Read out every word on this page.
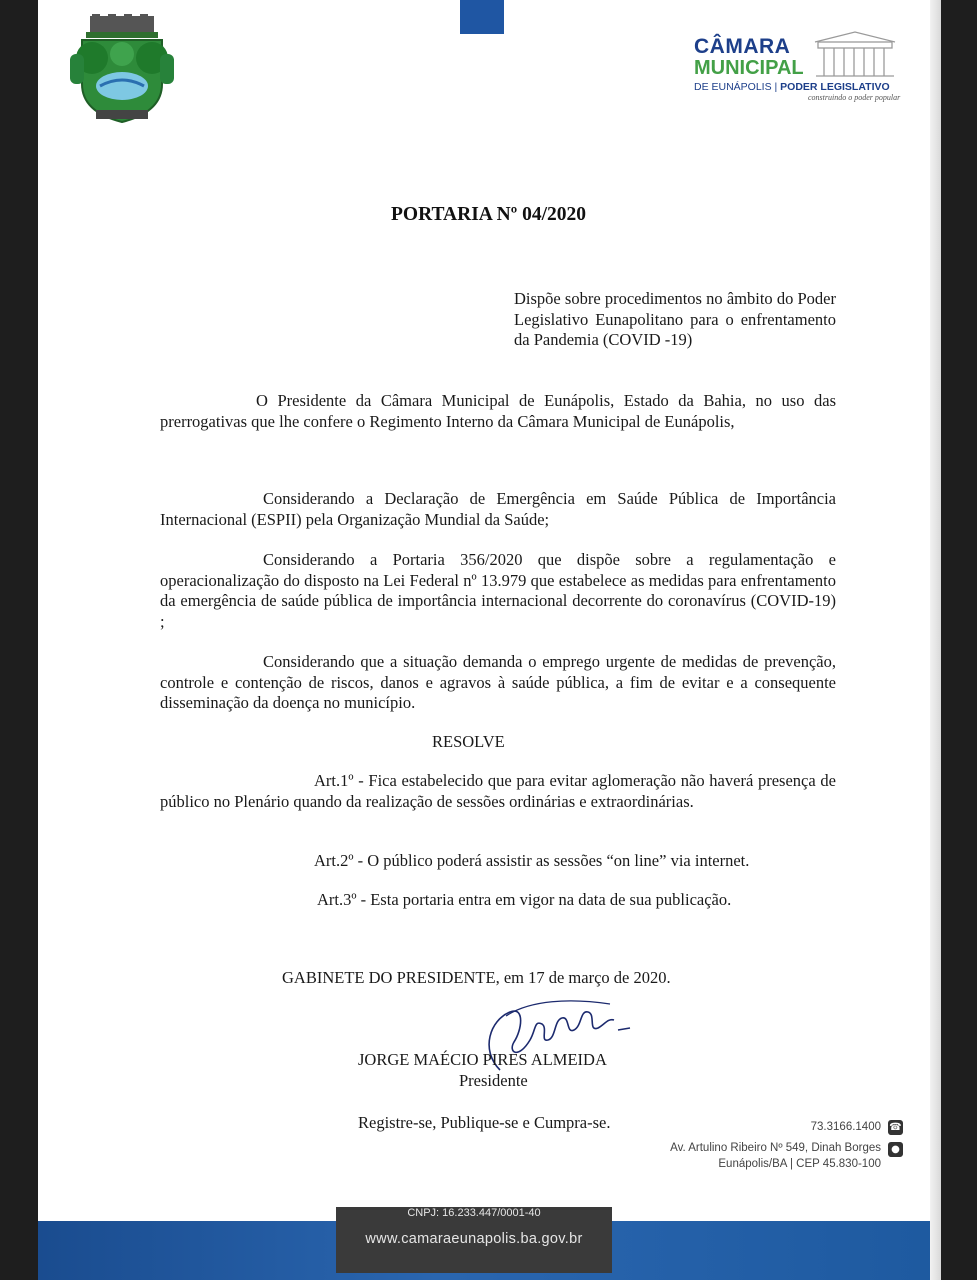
CÂMARA
MUNICIPAL
DE EUNÁPOLIS | PODER LEGISLATIVO
construindo o poder popular
PORTARIA Nº 04/2020
Dispõe sobre procedimentos no âmbito do Poder Legislativo Eunapolitano para o enfrentamento da Pandemia (COVID -19)
O Presidente da Câmara Municipal de Eunápolis, Estado da Bahia, no uso das prerrogativas que lhe confere o Regimento Interno da Câmara Municipal de Eunápolis,
Considerando a Declaração de Emergência em Saúde Pública de Importância Internacional (ESPII) pela Organização Mundial da Saúde;
Considerando a Portaria 356/2020 que dispõe sobre a regulamentação e operacionalização do disposto na Lei Federal nº 13.979 que estabelece as medidas para enfrentamento da emergência de saúde pública de importância internacional decorrente do coronavírus (COVID-19) ;
Considerando que a situação demanda o emprego urgente de medidas de prevenção, controle e contenção de riscos, danos e agravos à saúde pública, a fim de evitar e a consequente disseminação da doença no município.
RESOLVE
Art.1º - Fica estabelecido que para evitar aglomeração não haverá presença de público no Plenário quando da realização de sessões ordinárias e extraordinárias.
Art.2º - O público poderá assistir as sessões “on line” via internet.
Art.3º - Esta portaria entra em vigor na data de sua publicação.
GABINETE DO PRESIDENTE, em 17 de março de 2020.
JORGE MAÉCIO PIRES ALMEIDA
Presidente
Registre-se, Publique-se e Cumpra-se.	73.3166.1400 ☎
Av. Artulino Ribeiro Nº 549, Dinah Borges	●
Eunápolis/BA | CEP 45.830-100
CNPJ: 16.233.447/0001-40
www.camaraeunapolis.ba.gov.br
